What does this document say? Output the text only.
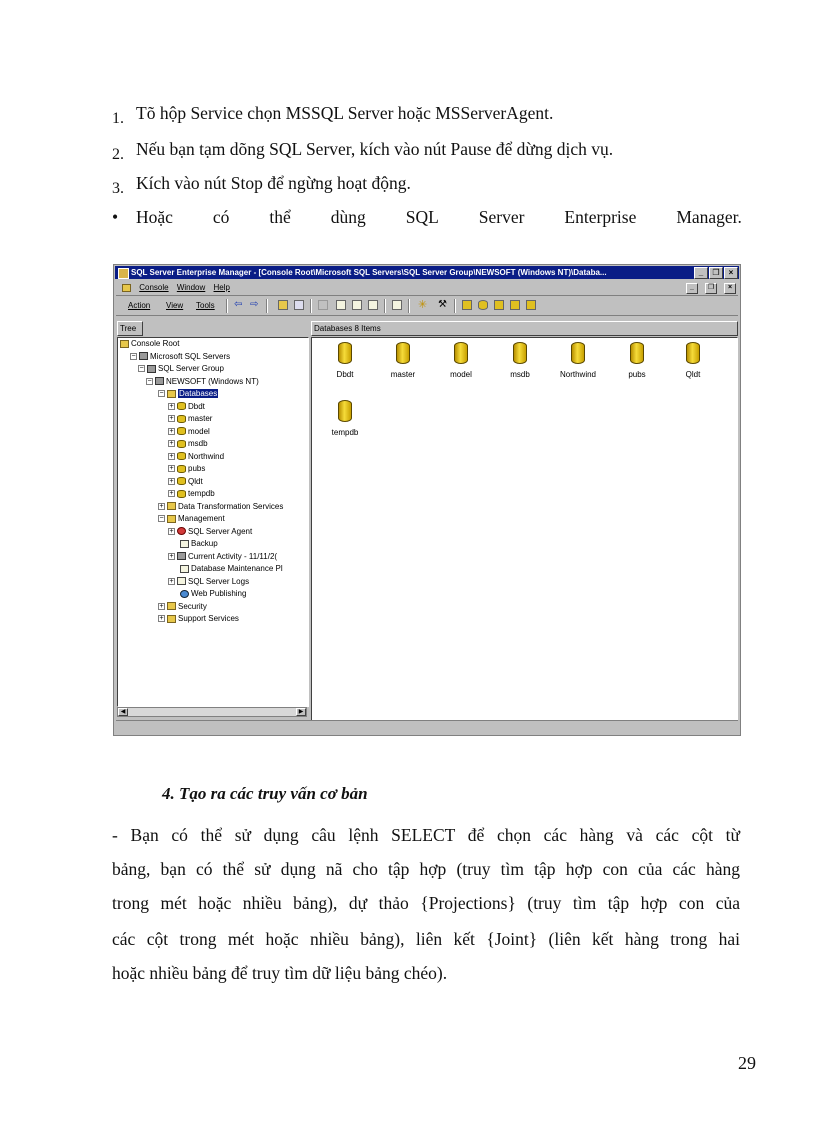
1. Tõ hộp Service chọn MSSQL Server hoặc MSServerAgent.
2. Nếu bạn tạm dõng SQL Server, kích vào nút Pause để dừng dịch vụ.
3. Kích vào nút Stop để ngừng hoạt động.
•	Hoặc có thể dùng SQL Server Enterprise Manager.
SQL Server Enterprise Manager - [Console Root\Microsoft SQL Servers\SQL Server Group\NEWSOFT (Windows NT)\Databa...	_	❐	×
Console Window Help	_	❐	×
Action View Tools ⇦ ⇨	✳ ⚒
Tree	Databases 8 Items
Console Root
− Microsoft SQL Servers
− SQL Server Group
− NEWSOFT (Windows NT)
− Databases
+ Dbdt
+ master
+ model
+ msdb
+ Northwind
+ pubs
+ Qldt
+ tempdb
+ Data Transformation Services
− Management
+ SQL Server Agent
Backup
+ Current Activity - 11/11/2(
Database Maintenance Pl
+ SQL Server Logs
Web Publishing
+ Security
+ Support Services
◀	▶
Dbdt	master	model	msdb	Northwind	pubs	Qldt
tempdb
4. Tạo ra các truy vấn cơ bản
- Bạn có thể sử dụng câu lệnh SELECT để chọn các hàng và các cột từ
bảng, bạn có thể sử dụng nã cho tập hợp (truy tìm tập hợp con của các hàng
trong mét hoặc nhiều bảng), dự thảo {Projections} (truy tìm tập hợp con của
các cột trong mét hoặc nhiều bảng), liên kết {Joint} (liên kết hàng trong hai
hoặc nhiều bảng để truy tìm dữ liệu bảng chéo).
29
